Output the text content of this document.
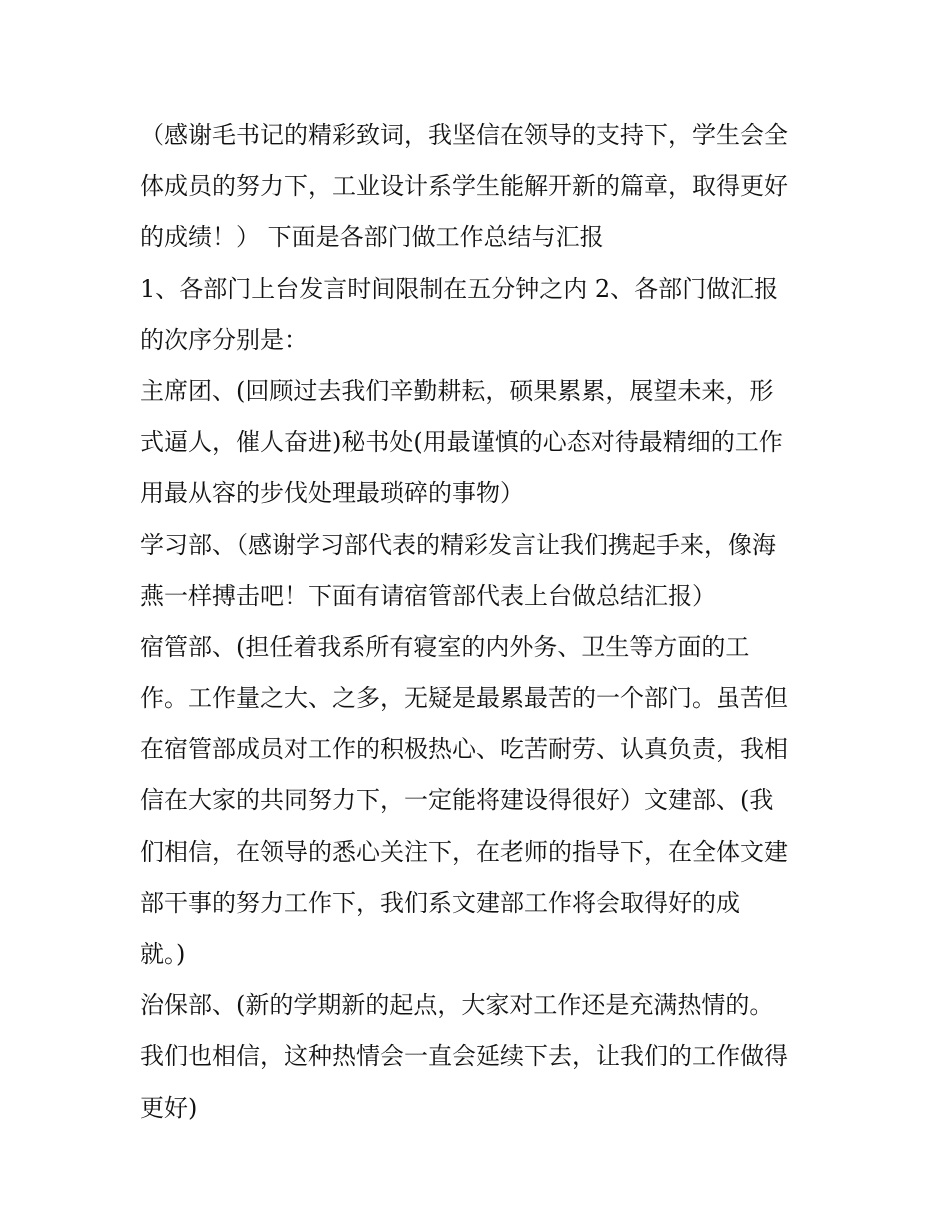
（感谢毛书记的精彩致词，我坚信在领导的支持下，学生会全

体成员的努力下，工业设计系学生能解开新的篇章，取得更好

的成绩！） 下面是各部门做工作总结与汇报

1、各部门上台发言时间限制在五分钟之内 2、各部门做汇报

的次序分别是：

主席团、(回顾过去我们辛勤耕耘，硕果累累，展望未来，形

式逼人，催人奋进)秘书处(用最谨慎的心态对待最精细的工作

用最从容的步伐处理最琐碎的事物）

学习部、（感谢学习部代表的精彩发言让我们携起手来，像海

燕一样搏击吧！下面有请宿管部代表上台做总结汇报）

宿管部、(担任着我系所有寝室的内外务、卫生等方面的工

作。工作量之大、之多，无疑是最累最苦的一个部门。虽苦但

在宿管部成员对工作的积极热心、吃苦耐劳、认真负责，我相

信在大家的共同努力下，一定能将建设得很好）文建部、(我

们相信，在领导的悉心关注下，在老师的指导下，在全体文建

部干事的努力工作下，我们系文建部工作将会取得好的成

就。)

治保部、(新的学期新的起点，大家对工作还是充满热情的。

我们也相信，这种热情会一直会延续下去，让我们的工作做得

更好)
